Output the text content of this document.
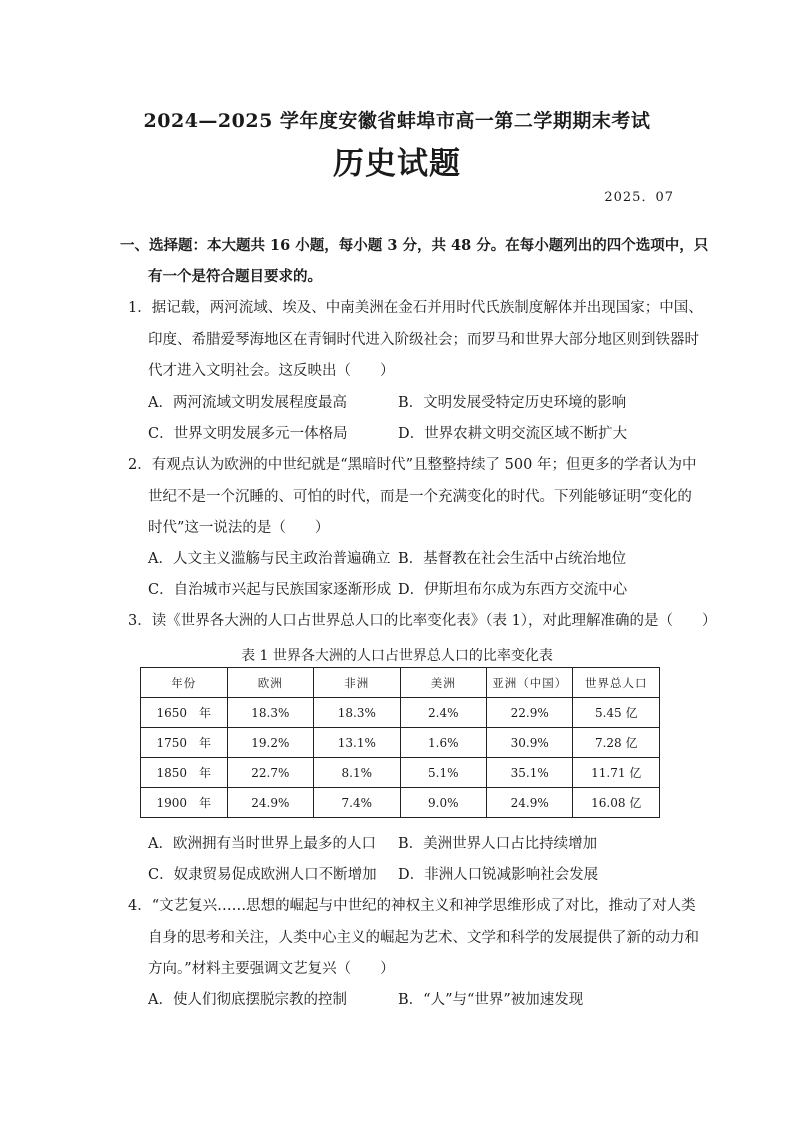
2024—2025 学年度安徽省蚌埠市高一第二学期期末考试
历史试题
2025．07
一、选择题：本大题共 16 小题，每小题 3 分，共 48 分。在每小题列出的四个选项中，只
有一个是符合题目要求的。
1．据记载，两河流域、埃及、中南美洲在金石并用时代氏族制度解体并出现国家；中国、
印度、希腊爱琴海地区在青铜时代进入阶级社会；而罗马和世界大部分地区则到铁器时
代才进入文明社会。这反映出（　　）
A．两河流域文明发展程度最高	B．文明发展受特定历史环境的影响
C．世界文明发展多元一体格局	D．世界农耕文明交流区域不断扩大
2．有观点认为欧洲的中世纪就是“黑暗时代”且整整持续了 500 年；但更多的学者认为中
世纪不是一个沉睡的、可怕的时代，而是一个充满变化的时代。下列能够证明“变化的
时代”这一说法的是（　　）
A．人文主义滥觞与民主政治普遍确立 B．基督教在社会生活中占统治地位
C．自治城市兴起与民族国家逐渐形成 D．伊斯坦布尔成为东西方交流中心
3．读《世界各大洲的人口占世界总人口的比率变化表》（表 1），对此理解准确的是（　　）
表 1 世界各大洲的人口占世界总人口的比率变化表
年份	欧洲	非洲	美洲	亚洲（中国）	世界总人口
1650　年	18.3%	18.3%	2.4%	22.9%	5.45 亿
1750　年	19.2%	13.1%	1.6%	30.9%	7.28 亿
1850　年	22.7%	8.1%	5.1%	35.1%	11.71 亿
1900　年	24.9%	7.4%	9.0%	24.9%	16.08 亿
A．欧洲拥有当时世界上最多的人口 B．美洲世界人口占比持续增加
C．奴隶贸易促成欧洲人口不断增加 D．非洲人口锐减影响社会发展
4．“文艺复兴……思想的崛起与中世纪的神权主义和神学思维形成了对比，推动了对人类
自身的思考和关注，人类中心主义的崛起为艺术、文学和科学的发展提供了新的动力和
方向。”材料主要强调文艺复兴（　　）
A．使人们彻底摆脱宗教的控制	B．“人”与“世界”被加速发现
